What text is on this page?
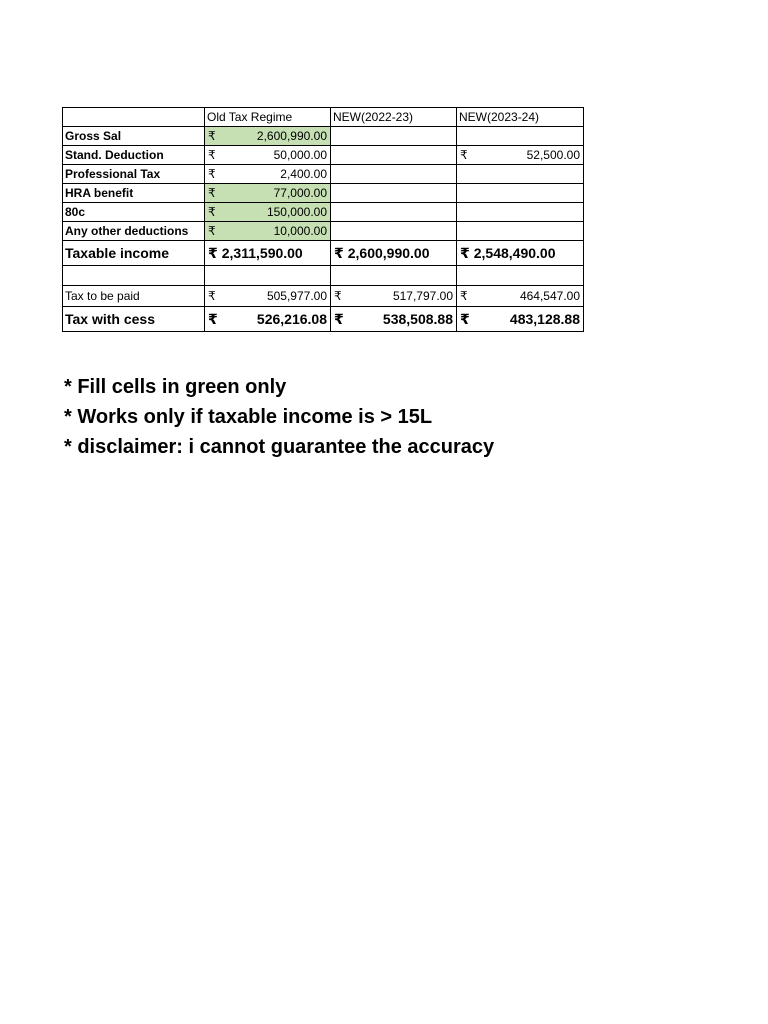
	Old Tax Regime	NEW(2022-23)	NEW(2023-24)
Gross Sal	₹ 2,600,990.00		

Stand. Deduction	₹ 50,000.00		₹ 52,500.00

Professional Tax	₹ 2,400.00		

HRA benefit	₹ 77,000.00		

80c	₹ 150,000.00		

Any other deductions	₹ 10,000.00		

Taxable income	₹ 2,311,590.00	₹ 2,600,990.00	₹ 2,548,490.00

Tax to be paid	₹ 505,977.00	₹ 517,797.00	₹ 464,547.00

Tax with cess	₹ 526,216.08	₹ 538,508.88	₹ 483,128.88
* Fill cells in green only
* Works only if taxable income is > 15L
* disclaimer: i cannot guarantee the accuracy
